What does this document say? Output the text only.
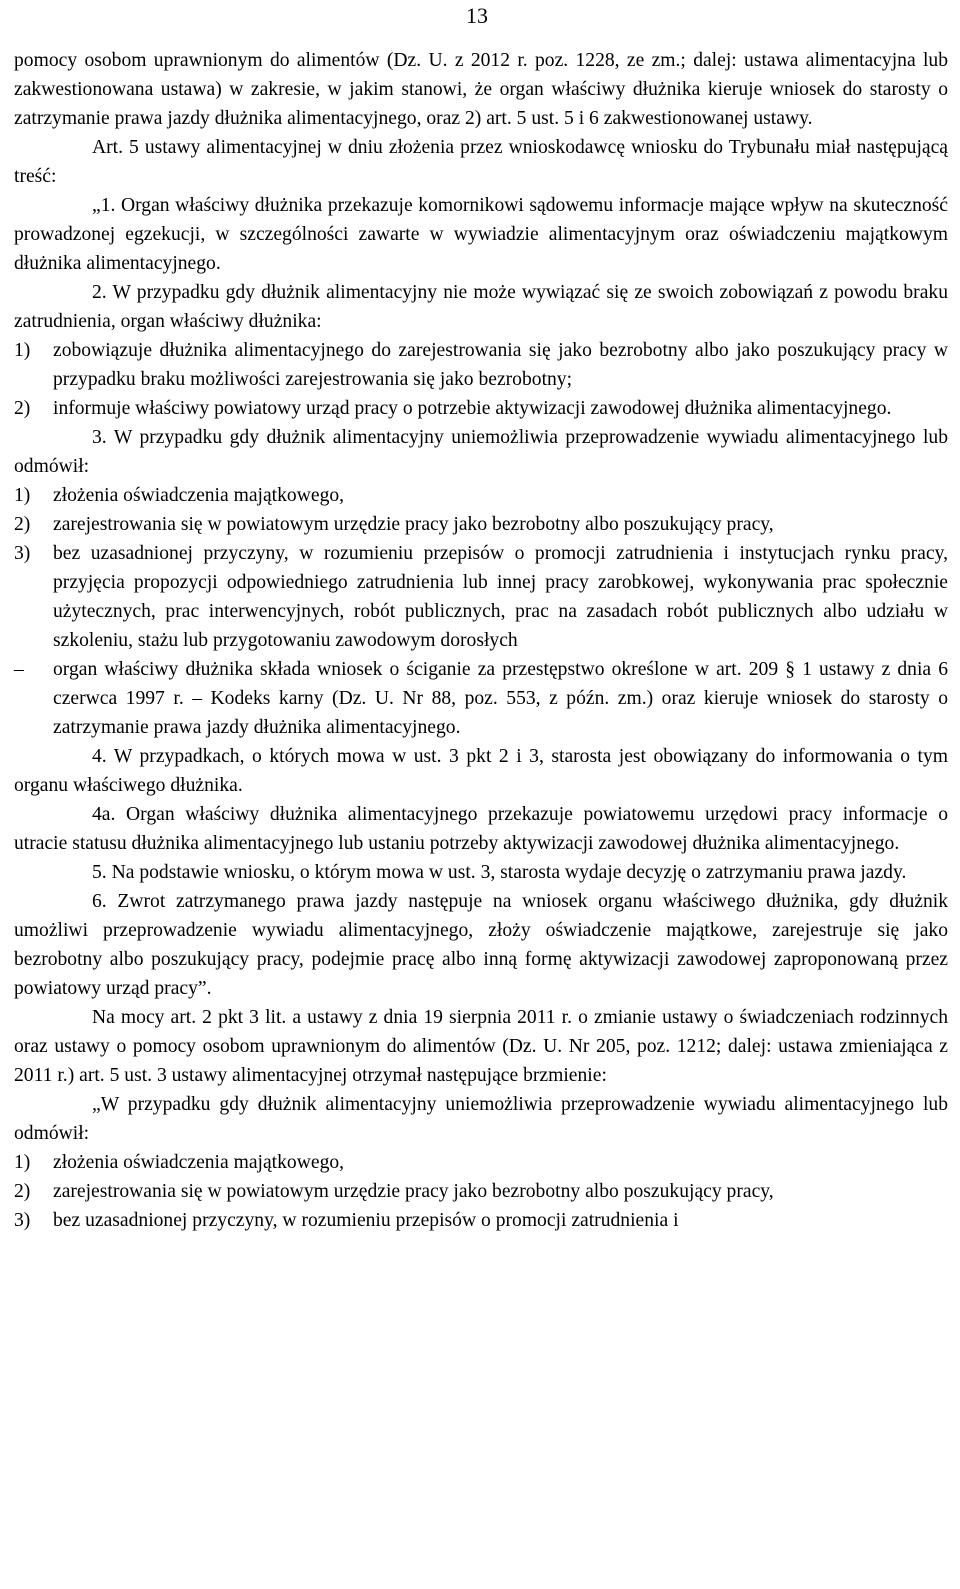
13

pomocy osobom uprawnionym do alimentów (Dz. U. z 2012 r. poz. 1228, ze zm.; dalej: ustawa alimentacyjna lub zakwestionowana ustawa) w zakresie, w jakim stanowi, że organ właściwy dłużnika kieruje wniosek do starosty o zatrzymanie prawa jazdy dłużnika alimentacyjnego, oraz 2) art. 5 ust. 5 i 6 zakwestionowanej ustawy.

Art. 5 ustawy alimentacyjnej w dniu złożenia przez wnioskodawcę wniosku do Trybunału miał następującą treść:

„1. Organ właściwy dłużnika przekazuje komornikowi sądowemu informacje mające wpływ na skuteczność prowadzonej egzekucji, w szczególności zawarte w wywiadzie alimentacyjnym oraz oświadczeniu majątkowym dłużnika alimentacyjnego.

2. W przypadku gdy dłużnik alimentacyjny nie może wywiązać się ze swoich zobowiązań z powodu braku zatrudnienia, organ właściwy dłużnika:

1) zobowiązuje dłużnika alimentacyjnego do zarejestrowania się jako bezrobotny albo jako poszukujący pracy w przypadku braku możliwości zarejestrowania się jako bezrobotny;
2) informuje właściwy powiatowy urząd pracy o potrzebie aktywizacji zawodowej dłużnika alimentacyjnego.

3. W przypadku gdy dłużnik alimentacyjny uniemożliwia przeprowadzenie wywiadu alimentacyjnego lub odmówił:

1) złożenia oświadczenia majątkowego,
2) zarejestrowania się w powiatowym urzędzie pracy jako bezrobotny albo poszukujący pracy,
3) bez uzasadnionej przyczyny, w rozumieniu przepisów o promocji zatrudnienia i instytucjach rynku pracy, przyjęcia propozycji odpowiedniego zatrudnienia lub innej pracy zarobkowej, wykonywania prac społecznie użytecznych, prac interwencyjnych, robót publicznych, prac na zasadach robót publicznych albo udziału w szkoleniu, stażu lub przygotowaniu zawodowym dorosłych
– organ właściwy dłużnika składa wniosek o ściganie za przestępstwo określone w art. 209 § 1 ustawy z dnia 6 czerwca 1997 r. – Kodeks karny (Dz. U. Nr 88, poz. 553, z późn. zm.) oraz kieruje wniosek do starosty o zatrzymanie prawa jazdy dłużnika alimentacyjnego.

4. W przypadkach, o których mowa w ust. 3 pkt 2 i 3, starosta jest obowiązany do informowania o tym organu właściwego dłużnika.

4a. Organ właściwy dłużnika alimentacyjnego przekazuje powiatowemu urzędowi pracy informacje o utracie statusu dłużnika alimentacyjnego lub ustaniu potrzeby aktywizacji zawodowej dłużnika alimentacyjnego.

5. Na podstawie wniosku, o którym mowa w ust. 3, starosta wydaje decyzję o zatrzymaniu prawa jazdy.

6. Zwrot zatrzymanego prawa jazdy następuje na wniosek organu właściwego dłużnika, gdy dłużnik umożliwi przeprowadzenie wywiadu alimentacyjnego, złoży oświadczenie majątkowe, zarejestruje się jako bezrobotny albo poszukujący pracy, podejmie pracę albo inną formę aktywizacji zawodowej zaproponowaną przez powiatowy urząd pracy”.

Na mocy art. 2 pkt 3 lit. a ustawy z dnia 19 sierpnia 2011 r. o zmianie ustawy o świadczeniach rodzinnych oraz ustawy o pomocy osobom uprawnionym do alimentów (Dz. U. Nr 205, poz. 1212; dalej: ustawa zmieniająca z 2011 r.) art. 5 ust. 3 ustawy alimentacyjnej otrzymał następujące brzmienie:

„W przypadku gdy dłużnik alimentacyjny uniemożliwia przeprowadzenie wywiadu alimentacyjnego lub odmówił:

1) złożenia oświadczenia majątkowego,
2) zarejestrowania się w powiatowym urzędzie pracy jako bezrobotny albo poszukujący pracy,
3) bez uzasadnionej przyczyny, w rozumieniu przepisów o promocji zatrudnienia i
